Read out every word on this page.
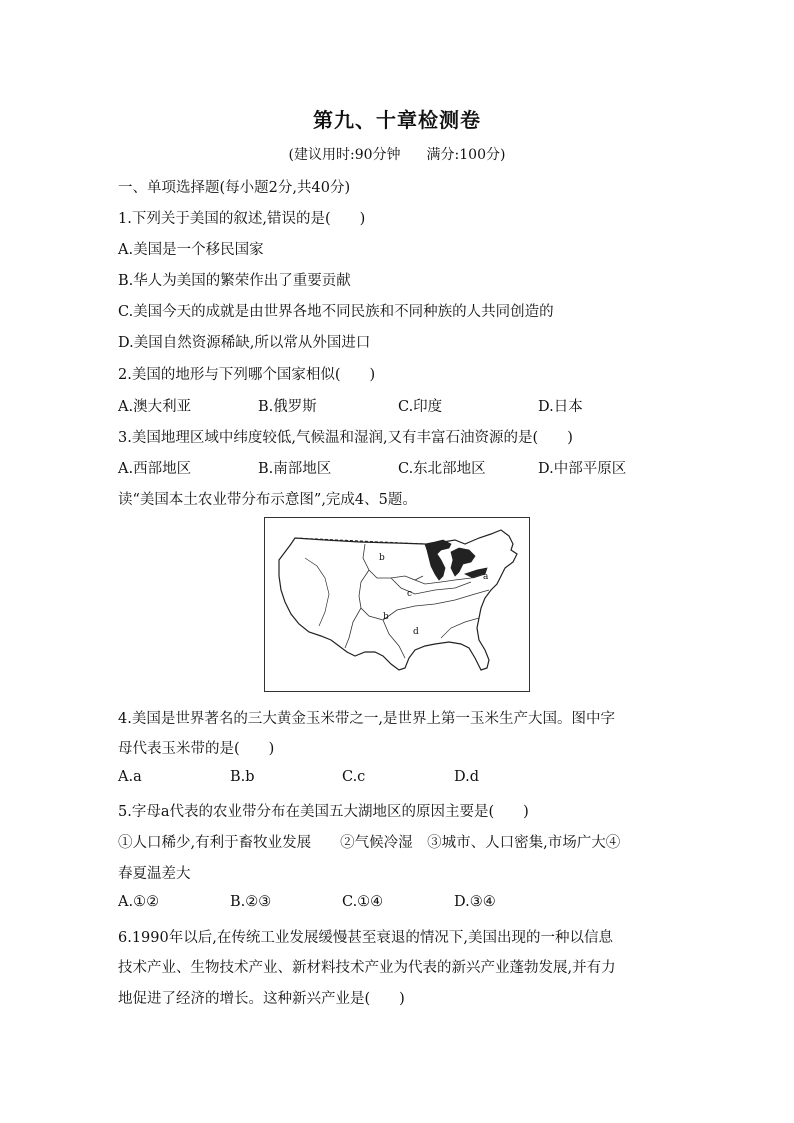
第九、十章检测卷
(建议用时:90分钟 满分:100分)
一、单项选择题(每小题2分,共40分)
1.下列关于美国的叙述,错误的是(　　)
A.美国是一个移民国家
B.华人为美国的繁荣作出了重要贡献
C.美国今天的成就是由世界各地不同民族和不同种族的人共同创造的
D.美国自然资源稀缺,所以常从外国进口
2.美国的地形与下列哪个国家相似(　　)
A.澳大利亚	B.俄罗斯	C.印度	D.日本
3.美国地理区域中纬度较低,气候温和湿润,又有丰富石油资源的是(　　)
A.西部地区	B.南部地区	C.东北部地区	D.中部平原区
读“美国本土农业带分布示意图”,完成4、5题。
b
a
c
b
d
4.美国是世界著名的三大黄金玉米带之一,是世界上第一玉米生产大国。图中字
母代表玉米带的是(　　)
A.a	B.b	C.c	D.d
5.字母a代表的农业带分布在美国五大湖地区的原因主要是(　　)
①人口稀少,有利于畜牧业发展　　②气候冷湿　③城市、人口密集,市场广大④
春夏温差大
A.①②	B.②③	C.①④	D.③④
6.1990年以后,在传统工业发展缓慢甚至衰退的情况下,美国出现的一种以信息
技术产业、生物技术产业、新材料技术产业为代表的新兴产业蓬勃发展,并有力
地促进了经济的增长。这种新兴产业是(　　)
